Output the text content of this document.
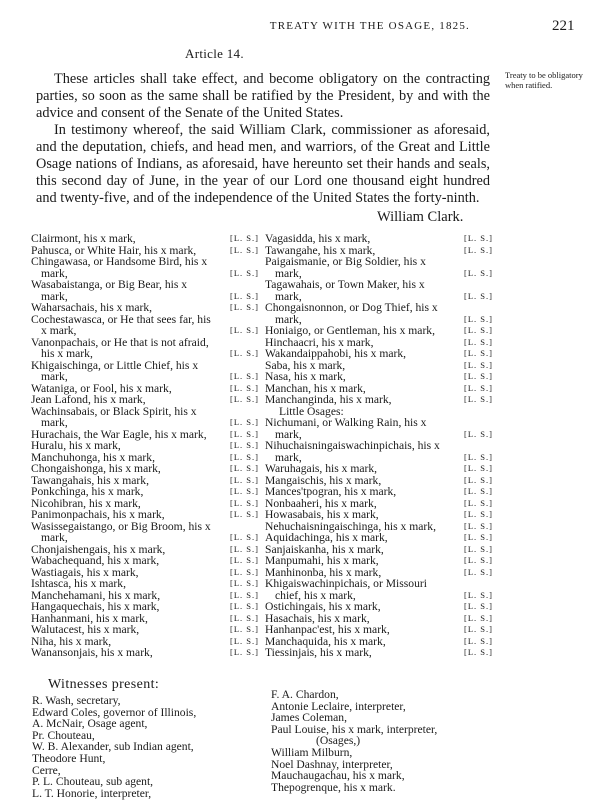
TREATY WITH THE OSAGE, 1825.	221
Article 14.
Treaty to be obligatory when ratified.

These articles shall take effect, and become obligatory on the contracting parties, so soon as the same shall be ratified by the President, by and with the advice and consent of the Senate of the United States.

In testimony whereof, the said William Clark, commissioner as aforesaid, and the deputation, chiefs, and head men, and warriors, of the Great and Little Osage nations of Indians, as aforesaid, have hereunto set their hands and seals, this second day of June, in the year of our Lord one thousand eight hundred and twenty-five, and of the independence of the United States the forty-ninth.

William Clark.
Clairmont, his x mark,	[L. S.]
Pahusca, or White Hair, his x mark,	[L. S.]
Chingawasa, or Handsome Bird, his x mark,	[L. S.]
Wasabaistanga, or Big Bear, his x mark,	[L. S.]
Waharsachais, his x mark,	[L. S.]
Cochestawasca, or He that sees far, his x mark,	[L. S.]
Vanonpachais, or He that is not afraid, his x mark,	[L. S.]
Khigaischinga, or Little Chief, his x mark,	[L. S.]
Wataniga, or Fool, his x mark,	[L. S.]
Jean Lafond, his x mark,	[L. S.]
Wachinsabais, or Black Spirit, his x mark,	[L. S.]
Hurachais, the War Eagle, his x mark,	[L. S.]
Huralu, his x mark,	[L. S.]
Manchuhonga, his x mark,	[L. S.]
Chongaishonga, his x mark,	[L. S.]
Tawangahais, his x mark,	[L. S.]
Ponkchinga, his x mark,	[L. S.]
Nicohibran, his x mark,	[L. S.]
Panimonpachais, his x mark,	[L. S.]
Wasissegaistango, or Big Broom, his x mark,	[L. S.]
Chonjaishengais, his x mark,	[L. S.]
Wabachequand, his x mark,	[L. S.]
Wastiagais, his x mark,	[L. S.]
Ishtasca, his x mark,	[L. S.]
Manchehamani, his x mark,	[L. S.]
Hangaquechais, his x mark,	[L. S.]
Hanhanmani, his x mark,	[L. S.]
Walutacest, his x mark,	[L. S.]
Niha, his x mark,	[L. S.]
Wanansonjais, his x mark,	[L. S.]
Vagasidda, his x mark,	[L. S.]
Tawangahe, his x mark,	[L. S.]
Paigaismanie, or Big Soldier, his x mark,	[L. S.]
Tagawahais, or Town Maker, his x mark,	[L. S.]
Chongaisnonnon, or Dog Thief, his x mark,	[L. S.]
Honiaigo, or Gentleman, his x mark,	[L. S.]
Hinchaacri, his x mark,	[L. S.]
Wakandaippahobi, his x mark,	[L. S.]
Saba, his x mark,	[L. S.]
Nasa, his x mark,	[L. S.]
Manchan, his x mark,	[L. S.]
Manchanginda, his x mark,	[L. S.]
Little Osages:
Nichumani, or Walking Rain, his x mark,	[L. S.]
Nihuchaisningaiswachinpichais, his x mark,	[L. S.]
Waruhagais, his x mark,	[L. S.]
Mangaischis, his x mark,	[L. S.]
Mances'tpogran, his x mark,	[L. S.]
Nonbaaheri, his x mark,	[L. S.]
Howasabais, his x mark,	[L. S.]
Nehuchaisningaischinga, his x mark,	[L. S.]
Aquidachinga, his x mark,	[L. S.]
Sanjaiskanha, his x mark,	[L. S.]
Manpumahi, his x mark,	[L. S.]
Manhinonba, his x mark,	[L. S.]
Khigaiswachinpichais, or Missouri chief, his x mark,	[L. S.]
Ostichingais, his x mark,	[L. S.]
Hasachais, his x mark,	[L. S.]
Hanhanpac'est, his x mark,	[L. S.]
Manchaquida, his x mark,	[L. S.]
Tiessinjais, his x mark,	[L. S.]
Witnesses present:
R. Wash, secretary,
Edward Coles, governor of Illinois,
A. McNair, Osage agent,
Pr. Chouteau,
W. B. Alexander, sub Indian agent,
Theodore Hunt,
Cerre,
P. L. Chouteau, sub agent,
L. T. Honorie, interpreter,
F. A. Chardon,
Antonie Leclaire, interpreter,
James Coleman,
Paul Louise, his x mark, interpreter,
(Osages,)
William Milburn,
Noel Dashnay, interpreter,
Mauchaugachau, his x mark,
Thepogrenque, his x mark.
